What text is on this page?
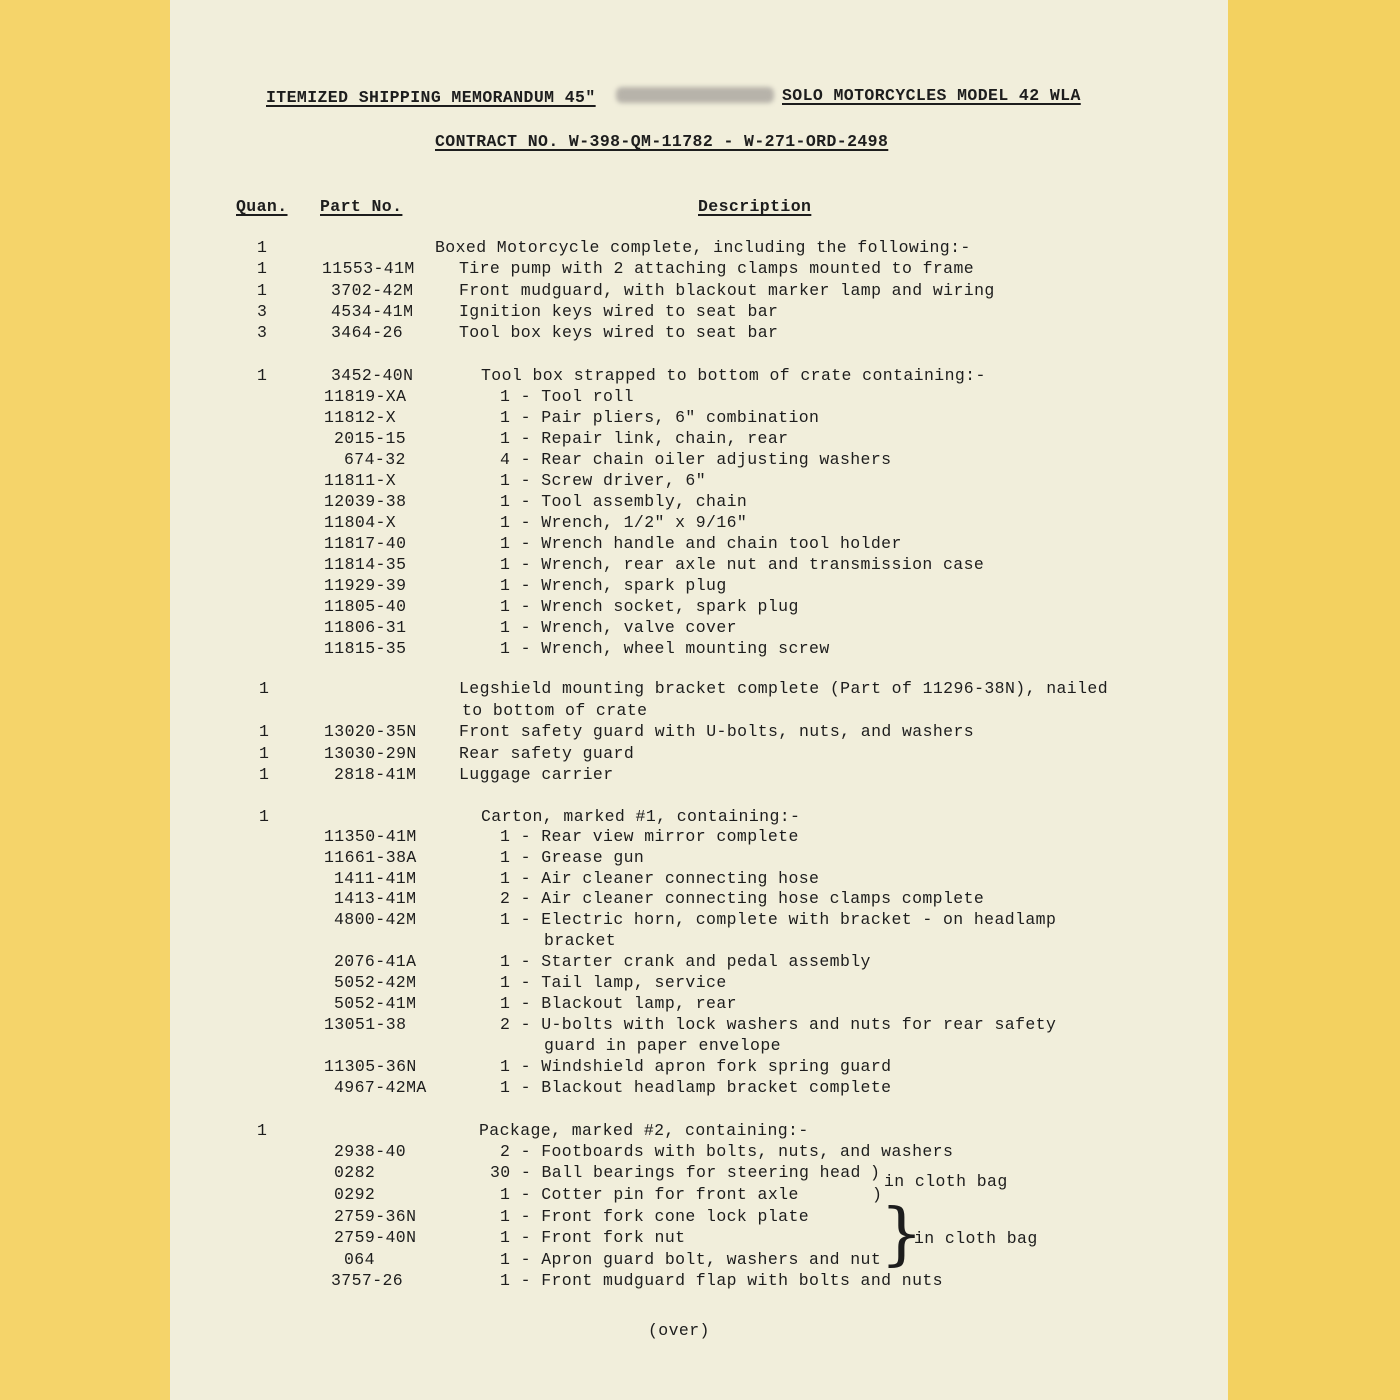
ITEMIZED SHIPPING MEMORANDUM 45"	SOLO MOTORCYCLES MODEL 42 WLA
CONTRACT NO. W-398-QM-11782 - W-271-ORD-2498
Quan. Part No.	Description
1	Boxed Motorcycle complete, including the following:-
1	11553-41M	Tire pump with 2 attaching clamps mounted to frame
1	3702-42M	Front mudguard, with blackout marker lamp and wiring
3	4534-41M	Ignition keys wired to seat bar
3	3464-26	Tool box keys wired to seat bar
1	3452-40N	Tool box strapped to bottom of crate containing:-
11819-XA	1 - Tool roll
11812-X	1 - Pair pliers, 6" combination
2015-15	1 - Repair link, chain, rear
674-32	4 - Rear chain oiler adjusting washers
11811-X	1 - Screw driver, 6"
12039-38	1 - Tool assembly, chain
11804-X	1 - Wrench, 1/2" x 9/16"
11817-40	1 - Wrench handle and chain tool holder
11814-35	1 - Wrench, rear axle nut and transmission case
11929-39	1 - Wrench, spark plug
11805-40	1 - Wrench socket, spark plug
11806-31	1 - Wrench, valve cover
11815-35	1 - Wrench, wheel mounting screw
1	Legshield mounting bracket complete (Part of 11296-38N), nailed
to bottom of crate
1	13020-35N	Front safety guard with U-bolts, nuts, and washers
1	13030-29N	Rear safety guard
1	2818-41M	Luggage carrier
1	Carton, marked #1, containing:-
11350-41M	1 - Rear view mirror complete
11661-38A	1 - Grease gun
1411-41M	1 - Air cleaner connecting hose
1413-41M	2 - Air cleaner connecting hose clamps complete
4800-42M	1 - Electric horn, complete with bracket - on headlamp
bracket
2076-41A	1 - Starter crank and pedal assembly
5052-42M	1 - Tail lamp, service
5052-41M	1 - Blackout lamp, rear
13051-38	2 - U-bolts with lock washers and nuts for rear safety
guard in paper envelope
11305-36N	1 - Windshield apron fork spring guard
4967-42MA	1 - Blackout headlamp bracket complete
1	Package, marked #2, containing:-
2938-40	2 - Footboards with bolts, nuts, and washers
0282	30 - Ball bearings for steering head
0292	1 - Cotter pin for front axle
2759-36N	1 - Front fork cone lock plate
2759-40N	1 - Front fork nut
064	1 - Apron guard bolt, washers and nut
3757-26	1 - Front mudguard flap with bolts and nuts
)
)
in cloth bag
}
in cloth bag
(over)
